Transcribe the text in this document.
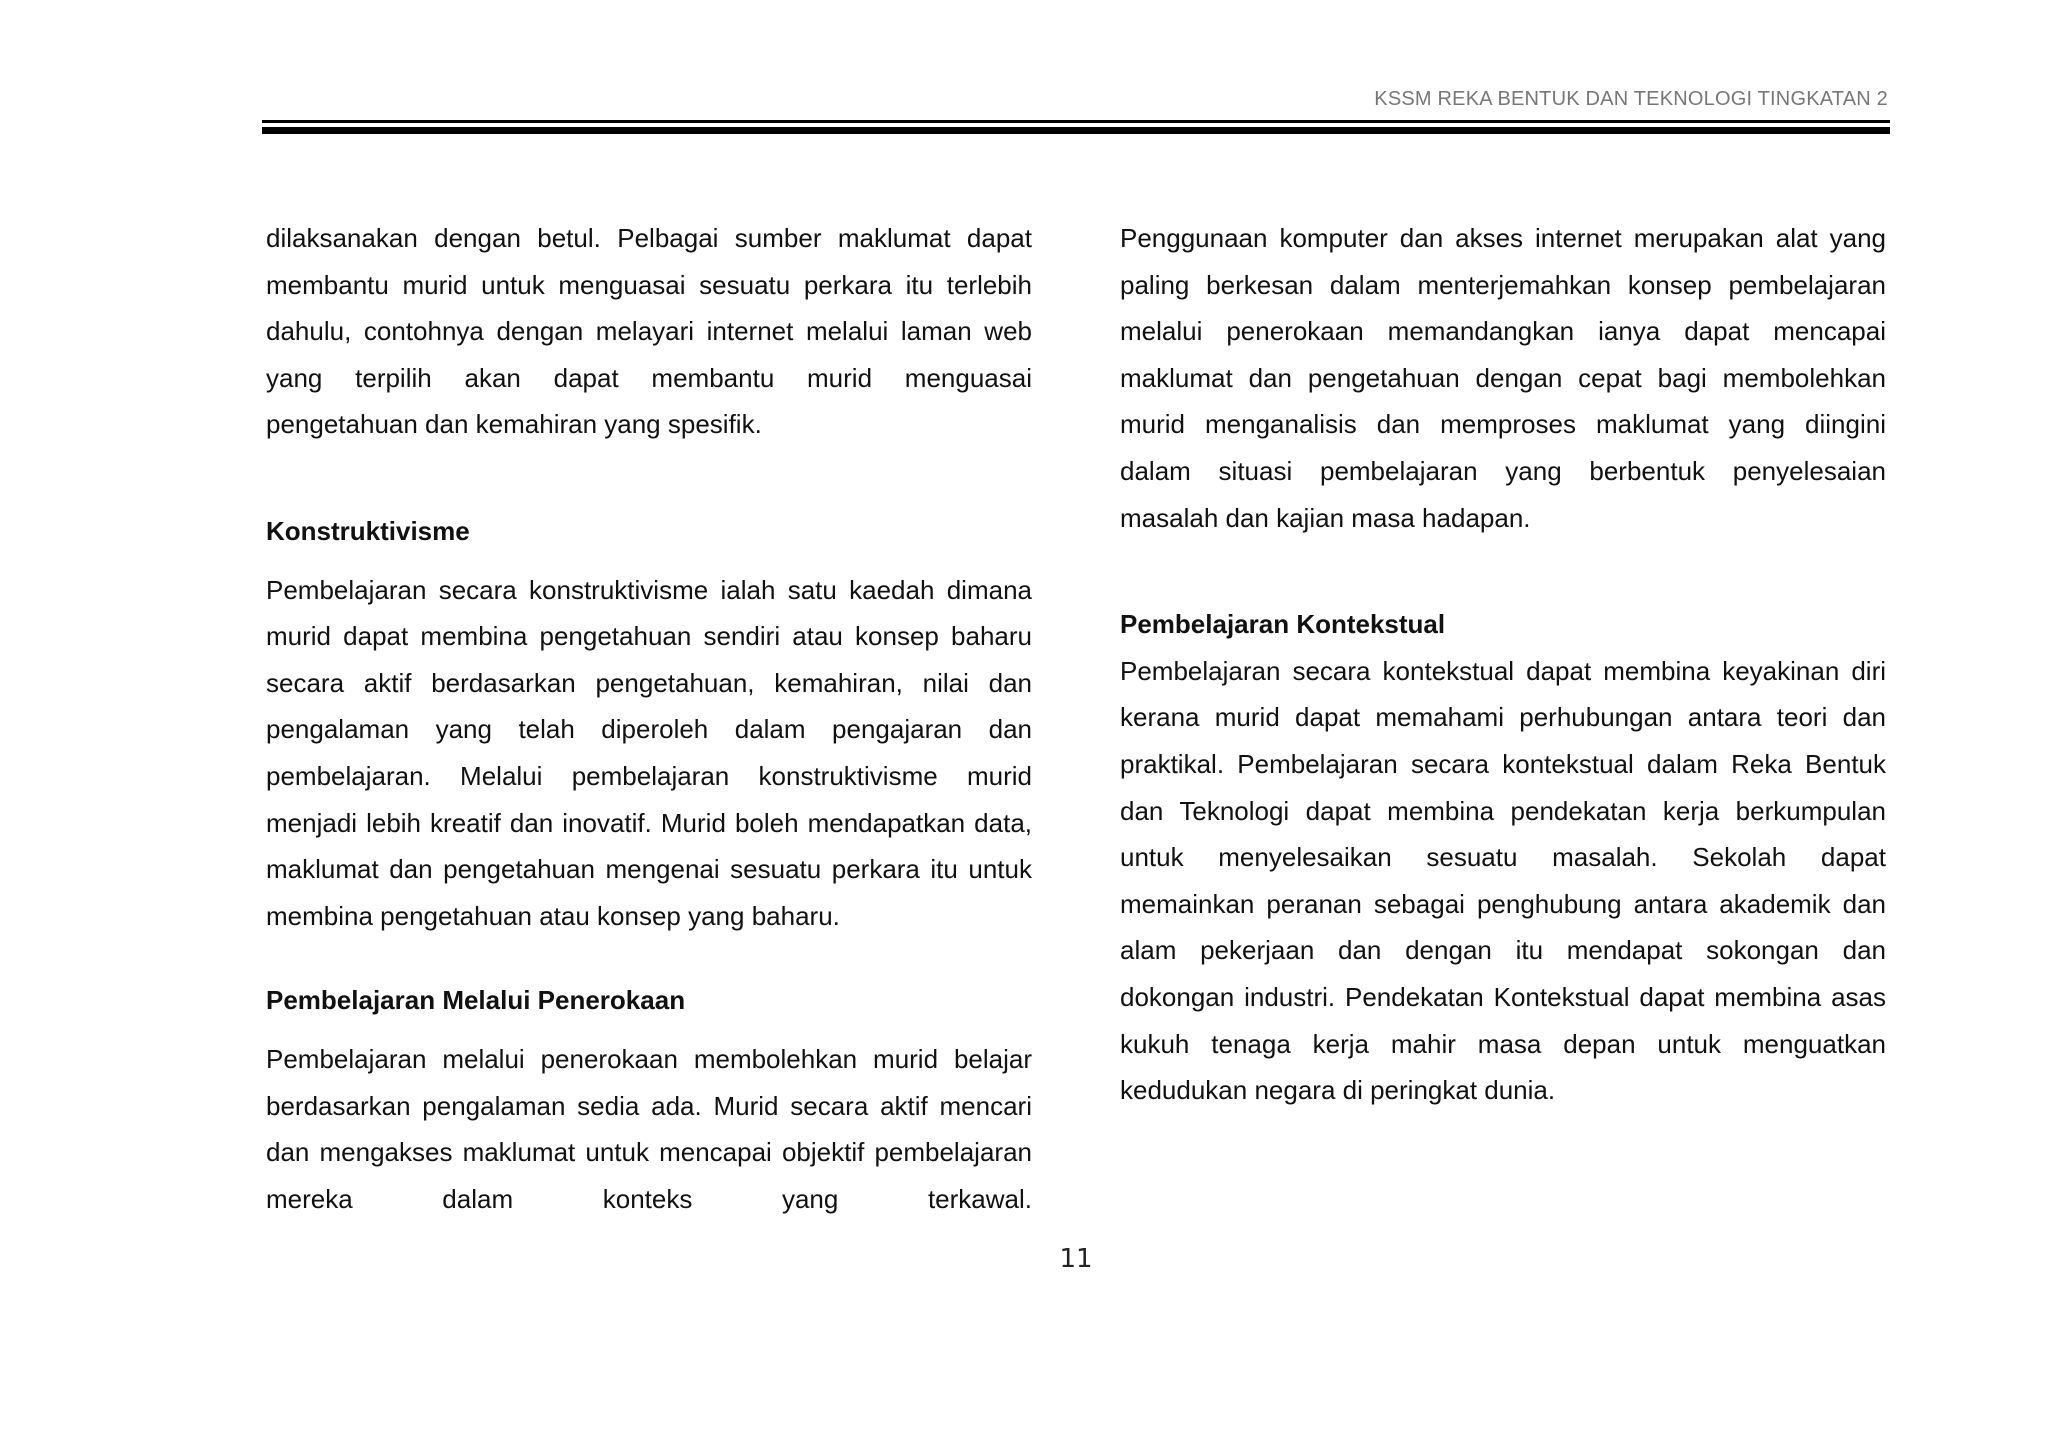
KSSM REKA BENTUK DAN TEKNOLOGI TINGKATAN 2

dilaksanakan dengan betul. Pelbagai sumber maklumat dapat membantu murid untuk menguasai sesuatu perkara itu terlebih dahulu, contohnya dengan melayari internet melalui laman web yang terpilih akan dapat membantu murid menguasai pengetahuan dan kemahiran yang spesifik.

Konstruktivisme

Pembelajaran secara konstruktivisme ialah satu kaedah dimana murid dapat membina pengetahuan sendiri atau konsep baharu secara aktif berdasarkan pengetahuan, kemahiran, nilai dan pengalaman yang telah diperoleh dalam pengajaran dan pembelajaran. Melalui pembelajaran konstruktivisme murid menjadi lebih kreatif dan inovatif. Murid boleh mendapatkan data, maklumat dan pengetahuan mengenai sesuatu perkara itu untuk membina pengetahuan atau konsep yang baharu.

Pembelajaran Melalui Penerokaan

Pembelajaran melalui penerokaan membolehkan murid belajar berdasarkan pengalaman sedia ada. Murid secara aktif mencari dan mengakses maklumat untuk mencapai objektif pembelajaran mereka dalam konteks yang terkawal.

Penggunaan komputer dan akses internet merupakan alat yang paling berkesan dalam menterjemahkan konsep pembelajaran melalui penerokaan memandangkan ianya dapat mencapai maklumat dan pengetahuan dengan cepat bagi membolehkan murid menganalisis dan memproses maklumat yang diingini dalam situasi pembelajaran yang berbentuk penyelesaian masalah dan kajian masa hadapan.

Pembelajaran Kontekstual

Pembelajaran secara kontekstual dapat membina keyakinan diri kerana murid dapat memahami perhubungan antara teori dan praktikal. Pembelajaran secara kontekstual dalam Reka Bentuk dan Teknologi dapat membina pendekatan kerja berkumpulan untuk menyelesaikan sesuatu masalah. Sekolah dapat memainkan peranan sebagai penghubung antara akademik dan alam pekerjaan dan dengan itu mendapat sokongan dan dokongan industri. Pendekatan Kontekstual dapat membina asas kukuh tenaga kerja mahir masa depan untuk menguatkan kedudukan negara di peringkat dunia.

11
